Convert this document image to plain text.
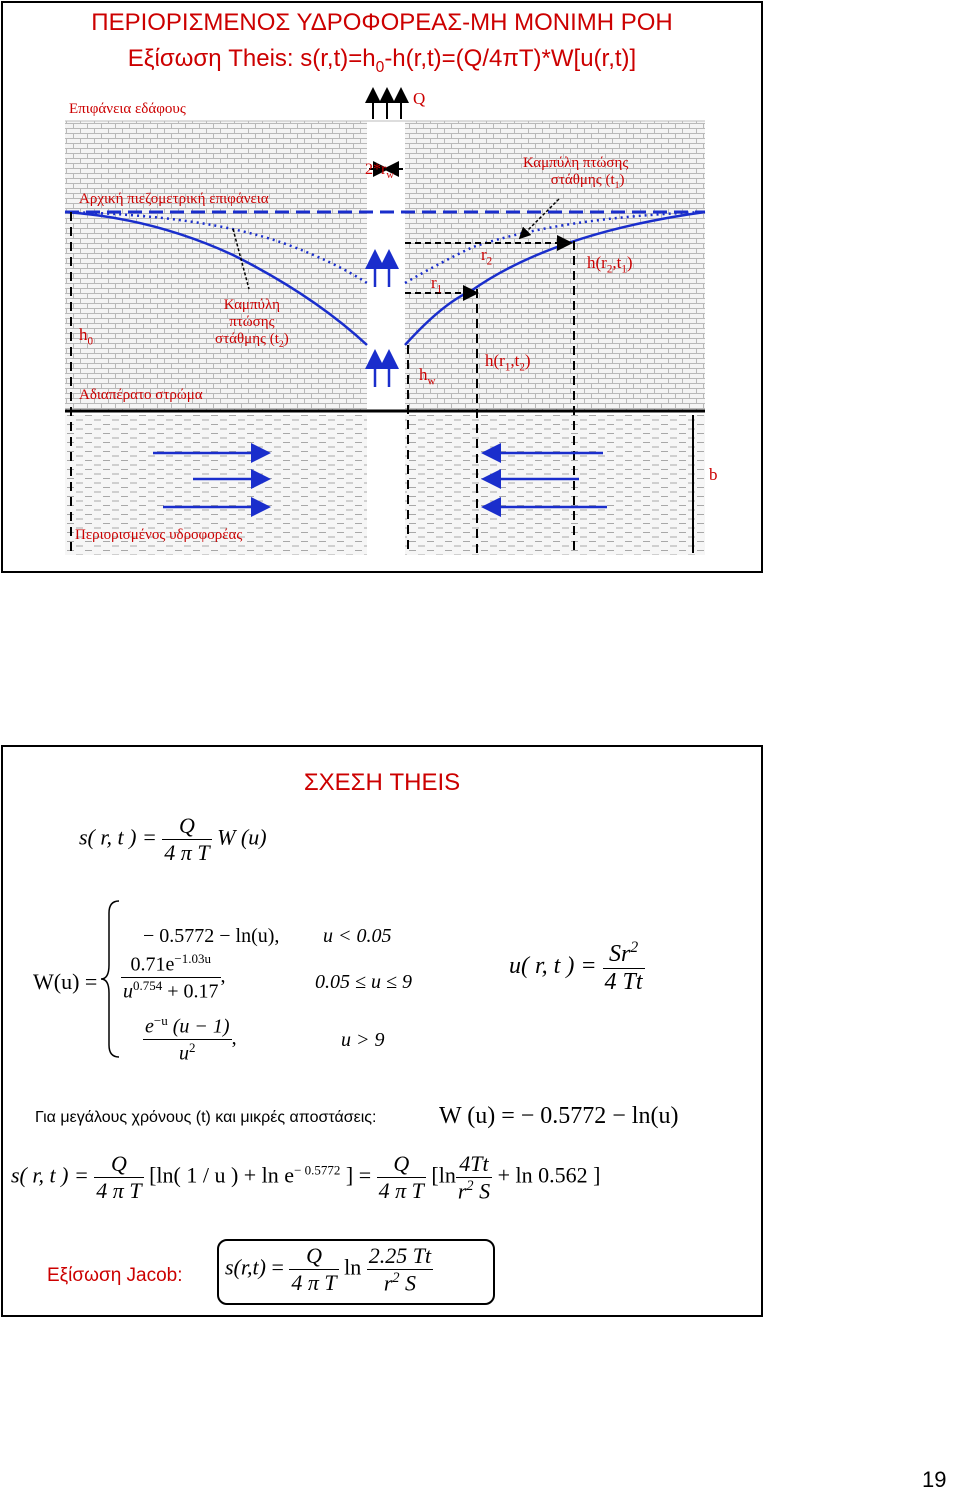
ΠΕΡΙΟΡΙΣΜΕΝΟΣ ΥΔΡΟΦΟΡΕΑΣ-ΜΗ ΜΟΝΙΜΗ ΡΟΗ
Εξίσωση Theis: $s(r,t)=h_0-h(r,t)=(Q/4\pi T)*W[u(r,t)]$
Επιφάνεια εδάφους
Q
$2*r_w$
Καμπύλη πτώσης
στάθμης $(t_1)$
Αρχική πιεζομετρική επιφάνεια
$r_2$	$h(r_2,t_1)$
$r_1$
$h_0$
Καμπύλη
πτώσης
στάθμης $(t_2)$
$h(r_1,t_2)$
$h_w$
Αδιαπέρατο στρώμα
b
Περιορισμένος υδροφορέας
ΣΧΕΣΗ THEIS
s( r, t ) = $\frac{Q}{\text{4 π T}}$ W (u)
W(u) =
− 0.5772 − ln(u), u < 0.05
$\frac{0.71e^{-1.03u}}{u^{0.754} + 0.17}$ ,	0.05 ≤ u ≤ 9
$\frac{e^{-u} (u - 1)}{u^2}$ ,	u > 9
u( r, t ) = $\frac{Sr^2}{4 Tt}$
Για μεγάλους χρόνους (t) και μικρές αποστάσεις:	W (u) = − 0.5772 − ln(u)
s( r, t ) = $\frac{Q}{\text{4 π T}} [\ln$( 1 / u ) + $\ln e^{- 0.5772}$ ] = $\frac{Q}{\text{4 π T}} [\ln \frac{4Tt}{r^2 S} + \ln 0.562$ ]
Εξίσωση Jacob: $s(r,t) = \frac{Q}{\text{4 π T}}$ $\ln \frac{2.25 Tt}{r^2 S}$
19
